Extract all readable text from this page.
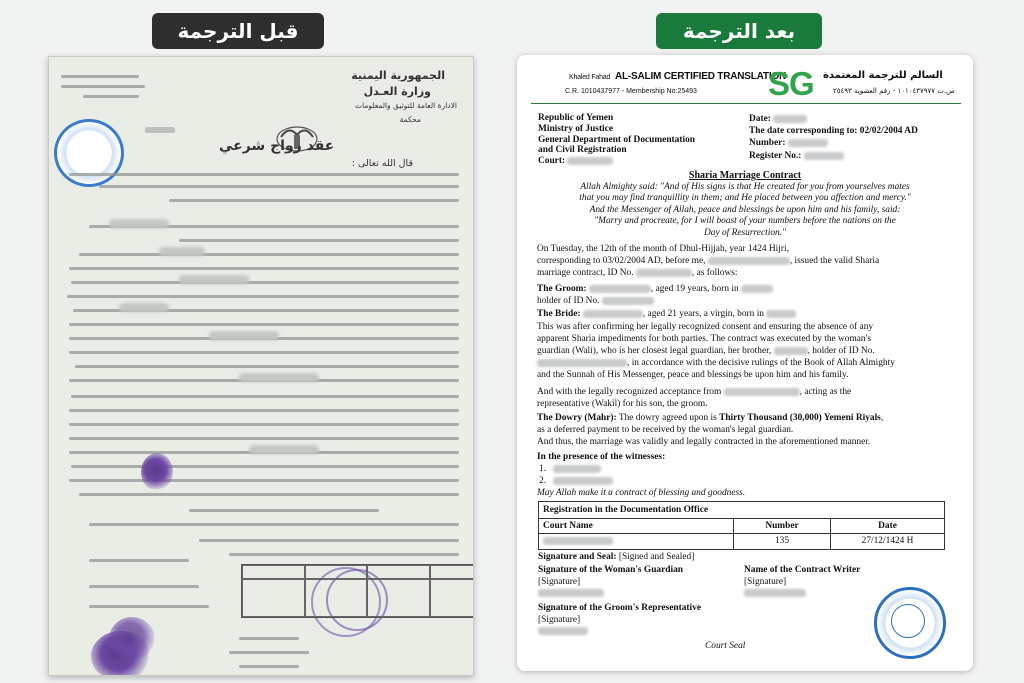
قبل الترجمة	بعد الترجمة
الجمهورية اليمنية
وزارة العـدل
الادارة العامة للتوثيق والمعلومات
محكمة
عقد زواج شرعي
قال الله تعالى :
Khaled Fahad AL-SALIM CERTIFIED TRANSLATION
C.R. 1010437977 - Membership No:25493 SG السالم للترجمة المعتمدة
س.ت ١٠١٠٤٣٧٩٧٧ - رقم العضوية ٢٥٤٩٣
Republic of Yemen
Ministry of Justice
General Department of Documentation
and Civil Registration
Court:
Date:
The date corresponding to: 02/02/2004 AD
Number:
Register No.:
Sharia Marriage Contract
Allah Almighty said: "And of His signs is that He created for you from yourselves mates
that you may find tranquillity in them; and He placed between you affection and mercy."
And the Messenger of Allah, peace and blessings be upon him and his family, said:
"Marry and procreate, for I will boast of your numbers before the nations on the
Day of Resurrection."
On Tuesday, the 12th of the month of Dhul-Hijjah, year 1424 Hijri,
corresponding to 03/02/2004 AD, before me,	, issued the valid Sharia
marriage contract, ID No.	, as follows:
The Groom:	, aged 19 years, born in
holder of ID No.
The Bride:	, aged 21 years, a virgin, born in
This was after confirming her legally recognized consent and ensuring the absence of any
apparent Sharia impediments for both parties. The contract was executed by the woman's
guardian (Wali), who is her closest legal guardian, her brother,	, holder of ID No.
, in accordance with the decisive rulings of the Book of Allah Almighty
and the Sunnah of His Messenger, peace and blessings be upon him and his family.
And with the legally recognized acceptance from	, acting as the
representative (Wakil) for his son, the groom.
The Dowry (Mahr): The dowry agreed upon is Thirty Thousand (30,000) Yemeni Riyals,
as a deferred payment to be received by the woman's legal guardian.
And thus, the marriage was validly and legally contracted in the aforementioned manner.
In the presence of the witnesses:
1.
2.
May Allah make it a contract of blessing and goodness.
Registration in the Documentation Office
Court Name	Number	Date
	135	27/12/1424 H
Signature and Seal: [Signed and Sealed]
Signature of the Woman's Guardian
[Signature]
Name of the Contract Writer
[Signature]
Signature of the Groom's Representative
[Signature]
Court Seal
